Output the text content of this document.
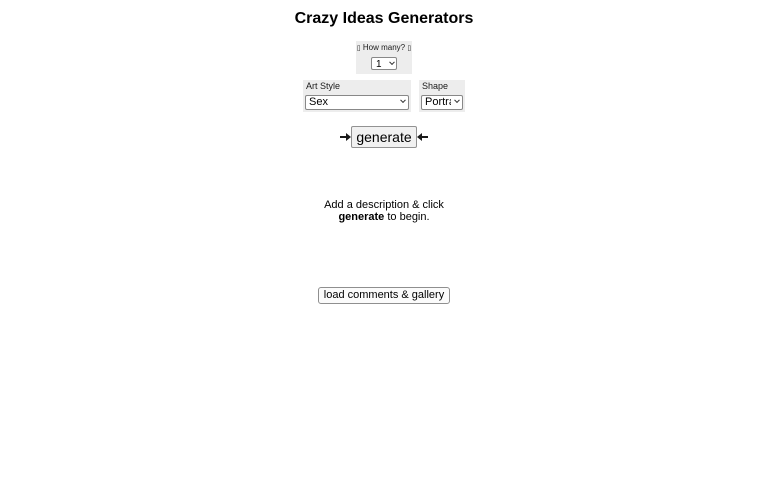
Crazy Ideas Generators
▯ How many? ▯
1
Art Style
Sex	Shape
Portrait
generate
Add a description & click
generate to begin.
load comments & gallery
